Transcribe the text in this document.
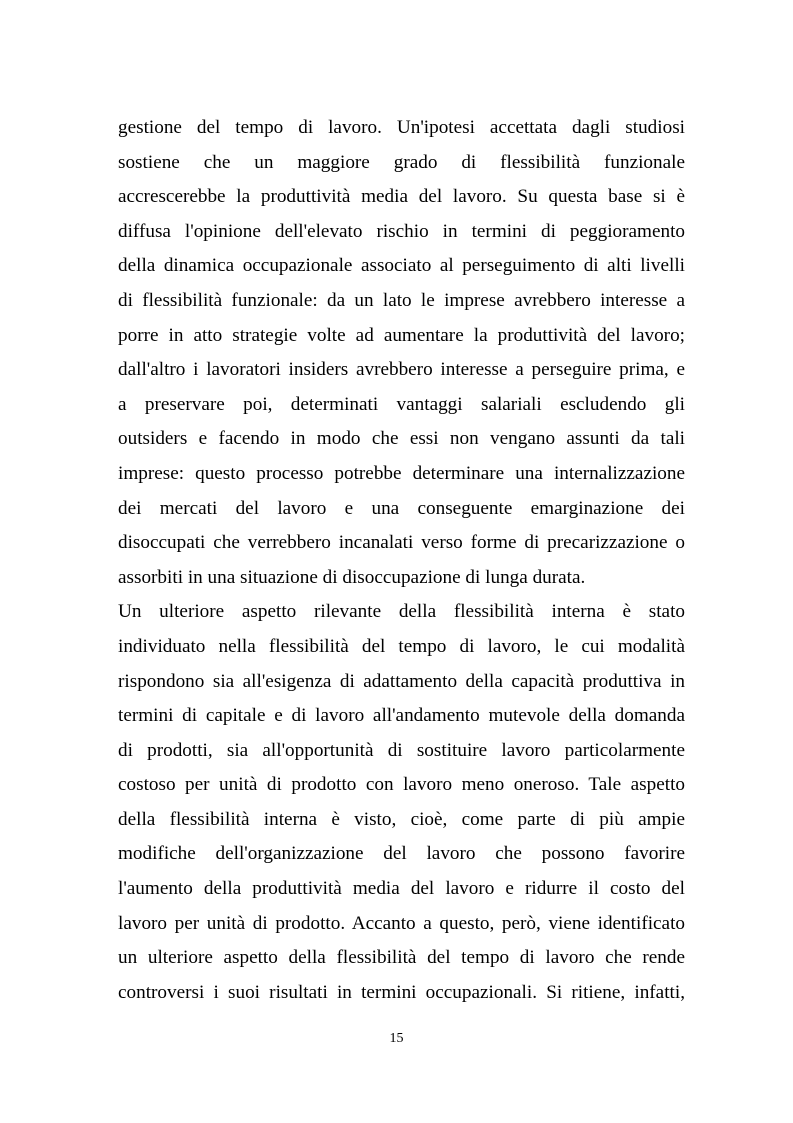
gestione del tempo di lavoro. Un'ipotesi accettata dagli studiosi
sostiene che un maggiore grado di flessibilità funzionale
accrescerebbe la produttività media del lavoro. Su questa base si è
diffusa l'opinione dell'elevato rischio in termini di peggioramento
della dinamica occupazionale associato al perseguimento di alti livelli
di flessibilità funzionale: da un lato le imprese avrebbero interesse a
porre in atto strategie volte ad aumentare la produttività del lavoro;
dall'altro i lavoratori insiders avrebbero interesse a perseguire prima, e
a preservare poi, determinati vantaggi salariali escludendo gli
outsiders e facendo in modo che essi non vengano assunti da tali
imprese: questo processo potrebbe determinare una internalizzazione
dei mercati del lavoro e una conseguente emarginazione dei
disoccupati che verrebbero incanalati verso forme di precarizzazione o
assorbiti in una situazione di disoccupazione di lunga durata.
Un ulteriore aspetto rilevante della flessibilità interna è stato
individuato nella flessibilità del tempo di lavoro, le cui modalità
rispondono sia all'esigenza di adattamento della capacità produttiva in
termini di capitale e di lavoro all'andamento mutevole della domanda
di prodotti, sia all'opportunità di sostituire lavoro particolarmente
costoso per unità di prodotto con lavoro meno oneroso. Tale aspetto
della flessibilità interna è visto, cioè, come parte di più ampie
modifiche dell'organizzazione del lavoro che possono favorire
l'aumento della produttività media del lavoro e ridurre il costo del
lavoro per unità di prodotto. Accanto a questo, però, viene identificato
un ulteriore aspetto della flessibilità del tempo di lavoro che rende
controversi i suoi risultati in termini occupazionali. Si ritiene, infatti,
15
